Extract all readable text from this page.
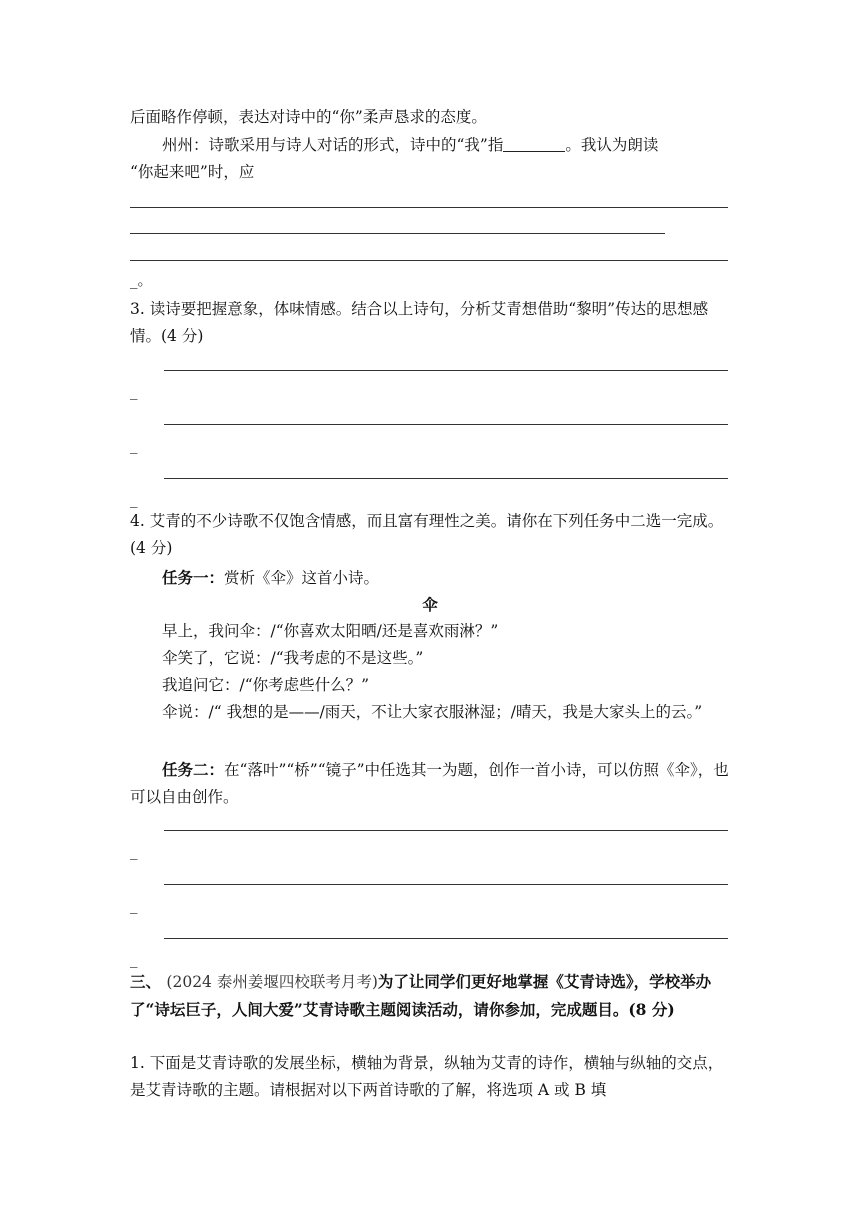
后面略作停顿，表达对诗中的“你”柔声恳求的态度。

州州：诗歌采用与诗人对话的形式，诗中的“我”指	。我认为朗读

“你起来吧”时，应

_。

3. 读诗要把握意象，体味情感。结合以上诗句，分析艾青想借助“黎明”传达的思想感情。(4 分)

_
_
_

4. 艾青的不少诗歌不仅饱含情感，而且富有理性之美。请你在下列任务中二选一完成。(4 分)

任务一：赏析《伞》这首小诗。

伞

早上，我问伞：/“你喜欢太阳晒/还是喜欢雨淋？”

伞笑了，它说：/“我考虑的不是这些。”

我追问它：/“你考虑些什么？”

伞说：/“ 我想的是——/雨天，不让大家衣服淋湿；/晴天，我是大家头上的云。”

任务二：在“落叶”“桥”“镜子”中任选其一为题，创作一首小诗，可以仿照《伞》，也可以自由创作。

_
_
_

三、 (2024 泰州姜堰四校联考月考)为了让同学们更好地掌握《艾青诗选》，学校举办了“诗坛巨子，人间大爱”艾青诗歌主题阅读活动，请你参加，完成题目。(8 分)

1. 下面是艾青诗歌的发展坐标，横轴为背景，纵轴为艾青的诗作，横轴与纵轴的交点，是艾青诗歌的主题。请根据对以下两首诗歌的了解，将选项 A 或 B 填
